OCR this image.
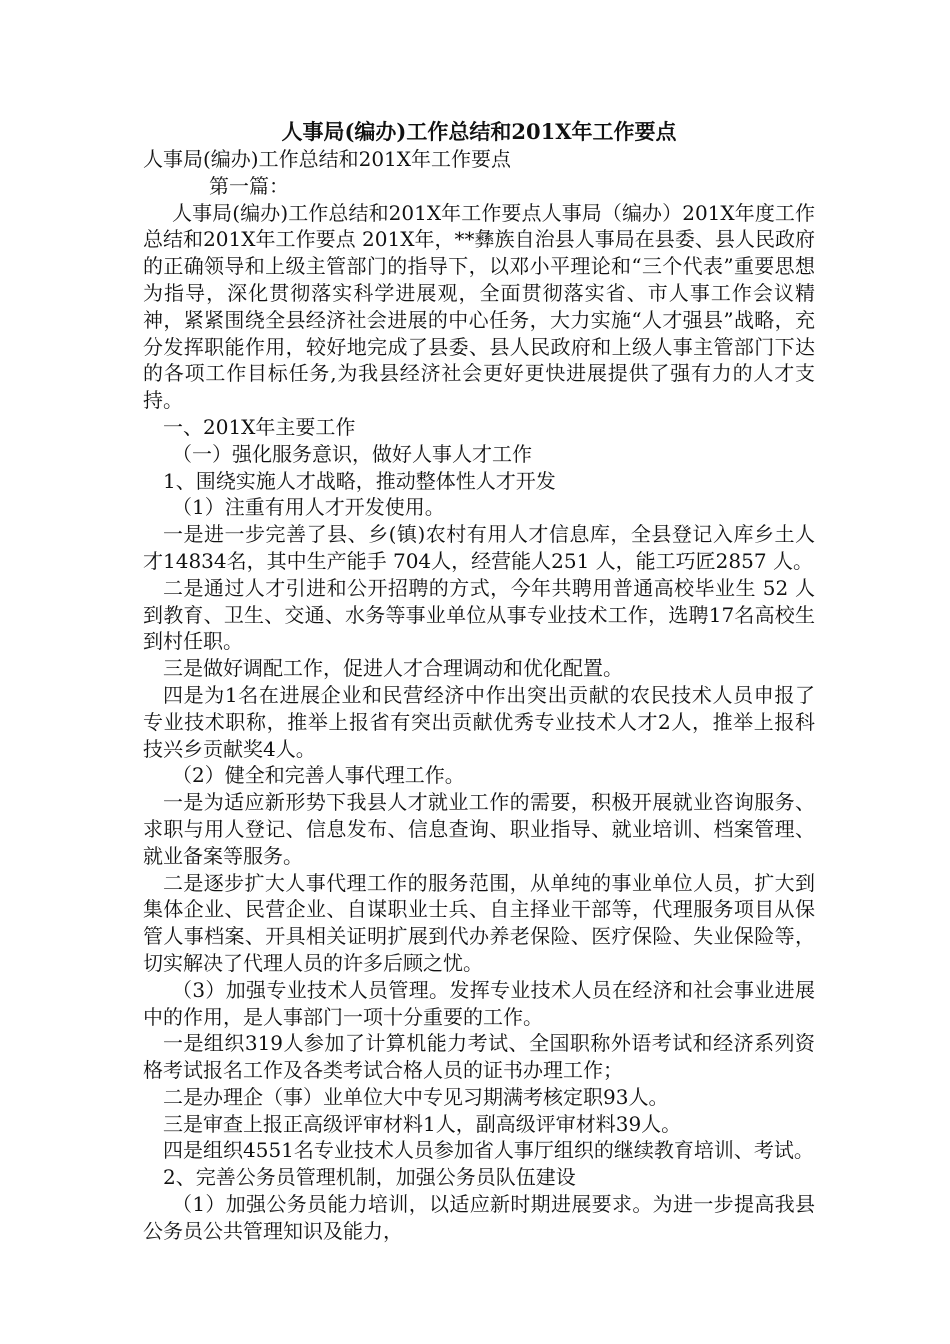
人事局(编办)工作总结和201X年工作要点

人事局(编办)工作总结和201X年工作要点

第一篇：

人事局(编办)工作总结和201X年工作要点人事局（编办）201X年度工作总结和201X年工作要点 201X年，**彝族自治县人事局在县委、县人民政府的正确领导和上级主管部门的指导下，以邓小平理论和“三个代表”重要思想为指导，深化贯彻落实科学进展观，全面贯彻落实省、市人事工作会议精神，紧紧围绕全县经济社会进展的中心任务，大力实施“人才强县”战略，充分发挥职能作用，较好地完成了县委、县人民政府和上级人事主管部门下达的各项工作目标任务,为我县经济社会更好更快进展提供了强有力的人才支持。

一、201X年主要工作

（一）强化服务意识，做好人事人才工作

1、围绕实施人才战略，推动整体性人才开发

（1）注重有用人才开发使用。

一是进一步完善了县、乡(镇)农村有用人才信息库，全县登记入库乡土人才14834名，其中生产能手 704人，经营能人251 人，能工巧匠2857 人。

二是通过人才引进和公开招聘的方式，今年共聘用普通高校毕业生 52 人到教育、卫生、交通、水务等事业单位从事专业技术工作，选聘17名高校生到村任职。

三是做好调配工作，促进人才合理调动和优化配置。

四是为1名在进展企业和民营经济中作出突出贡献的农民技术人员申报了专业技术职称，推举上报省有突出贡献优秀专业技术人才2人，推举上报科技兴乡贡献奖4人。

（2）健全和完善人事代理工作。

一是为适应新形势下我县人才就业工作的需要，积极开展就业咨询服务、求职与用人登记、信息发布、信息查询、职业指导、就业培训、档案管理、就业备案等服务。

二是逐步扩大人事代理工作的服务范围，从单纯的事业单位人员，扩大到集体企业、民营企业、自谋职业士兵、自主择业干部等，代理服务项目从保管人事档案、开具相关证明扩展到代办养老保险、医疗保险、失业保险等，切实解决了代理人员的许多后顾之忧。

（3）加强专业技术人员管理。发挥专业技术人员在经济和社会事业进展中的作用，是人事部门一项十分重要的工作。

一是组织319人参加了计算机能力考试、全国职称外语考试和经济系列资格考试报名工作及各类考试合格人员的证书办理工作；

二是办理企（事）业单位大中专见习期满考核定职93人。

三是审查上报正高级评审材料1人，副高级评审材料39人。

四是组织4551名专业技术人员参加省人事厅组织的继续教育培训、考试。

2、完善公务员管理机制，加强公务员队伍建设

（1）加强公务员能力培训，以适应新时期进展要求。为进一步提高我县公务员公共管理知识及能力，
